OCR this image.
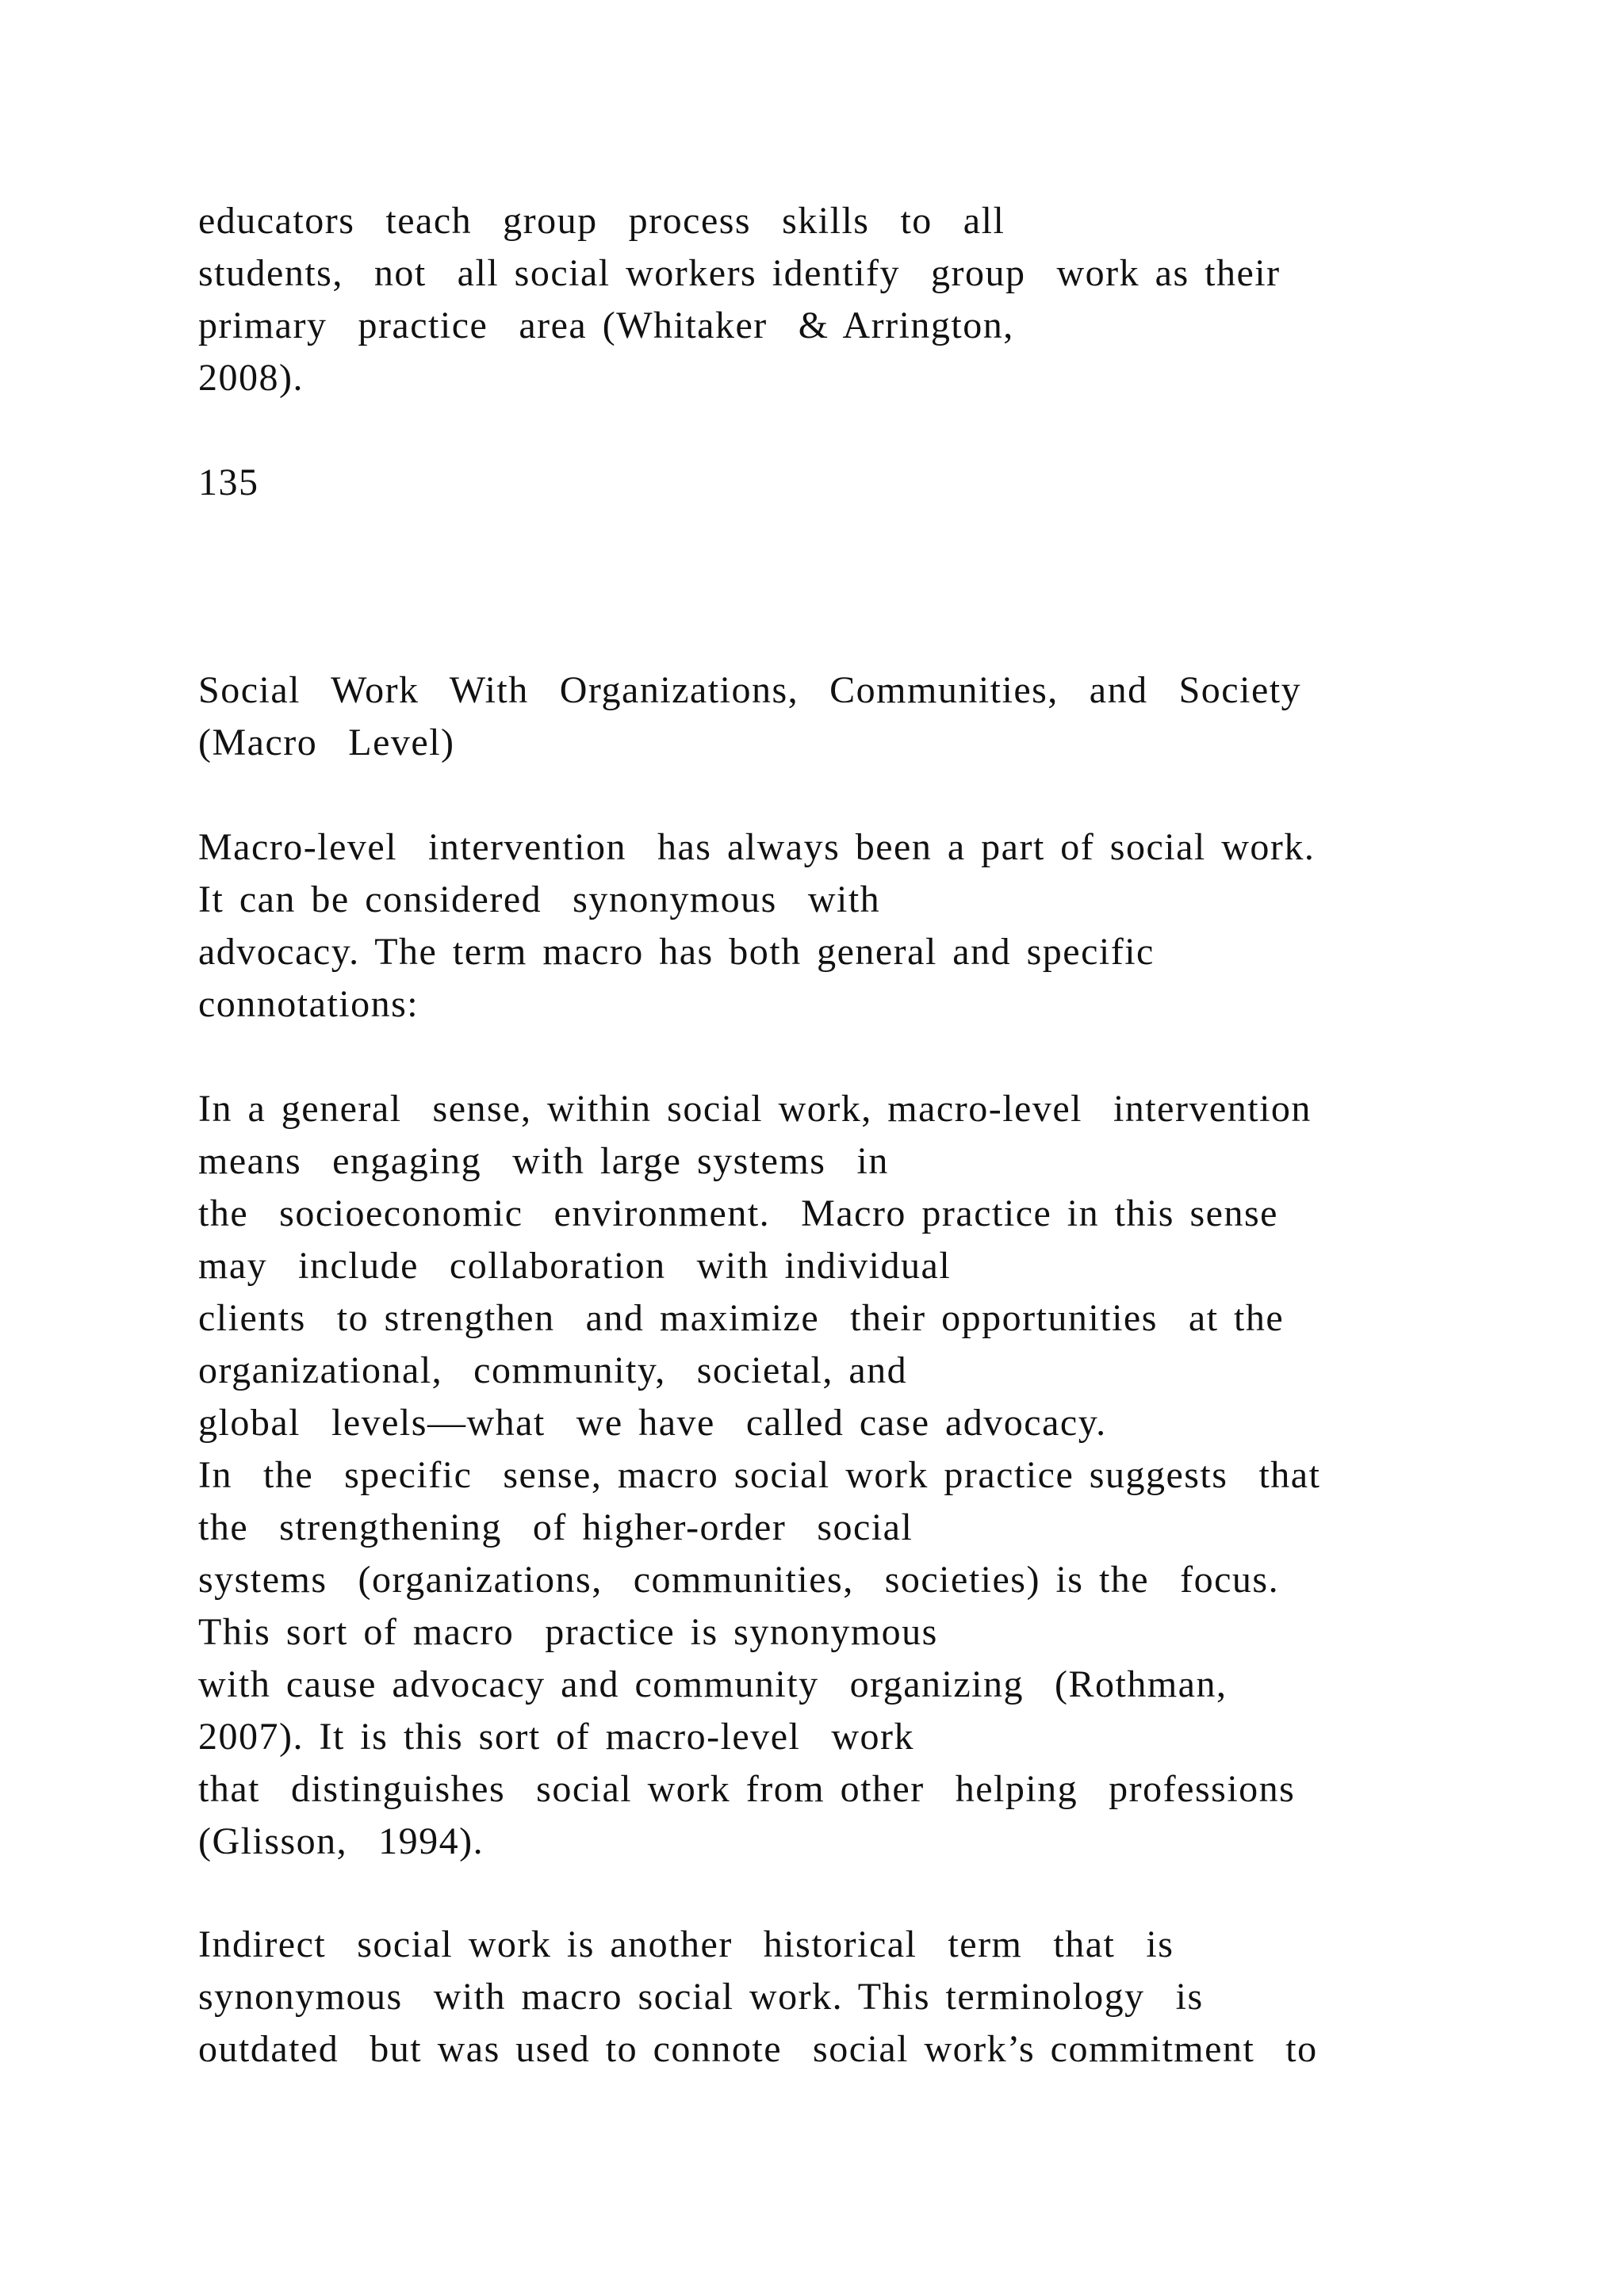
educators  teach  group  process  skills  to  all
students,  not  all social workers identify  group  work as their
primary  practice  area (Whitaker  & Arrington,
2008).
135
Social  Work  With  Organizations,  Communities,  and  Society
(Macro  Level)
Macro-level  intervention  has always been a part of social work.
It can be considered  synonymous  with
advocacy. The term macro has both general and specific
connotations:
In a general  sense, within social work, macro-level  intervention
means  engaging  with large systems  in
the  socioeconomic  environment.  Macro practice in this sense
may  include  collaboration  with individual
clients  to strengthen  and maximize  their opportunities  at the
organizational,  community,  societal, and
global  levels—what  we have  called case advocacy.
In  the  specific  sense, macro social work practice suggests  that
the  strengthening  of higher-order  social
systems  (organizations,  communities,  societies) is the  focus.
This sort of macro  practice is synonymous
with cause advocacy and community  organizing  (Rothman,
2007). It is this sort of macro-level  work
that  distinguishes  social work from other  helping  professions
(Glisson,  1994).
Indirect  social work is another  historical  term  that  is
synonymous  with macro social work. This terminology  is
outdated  but was used to connote  social work’s commitment  to
